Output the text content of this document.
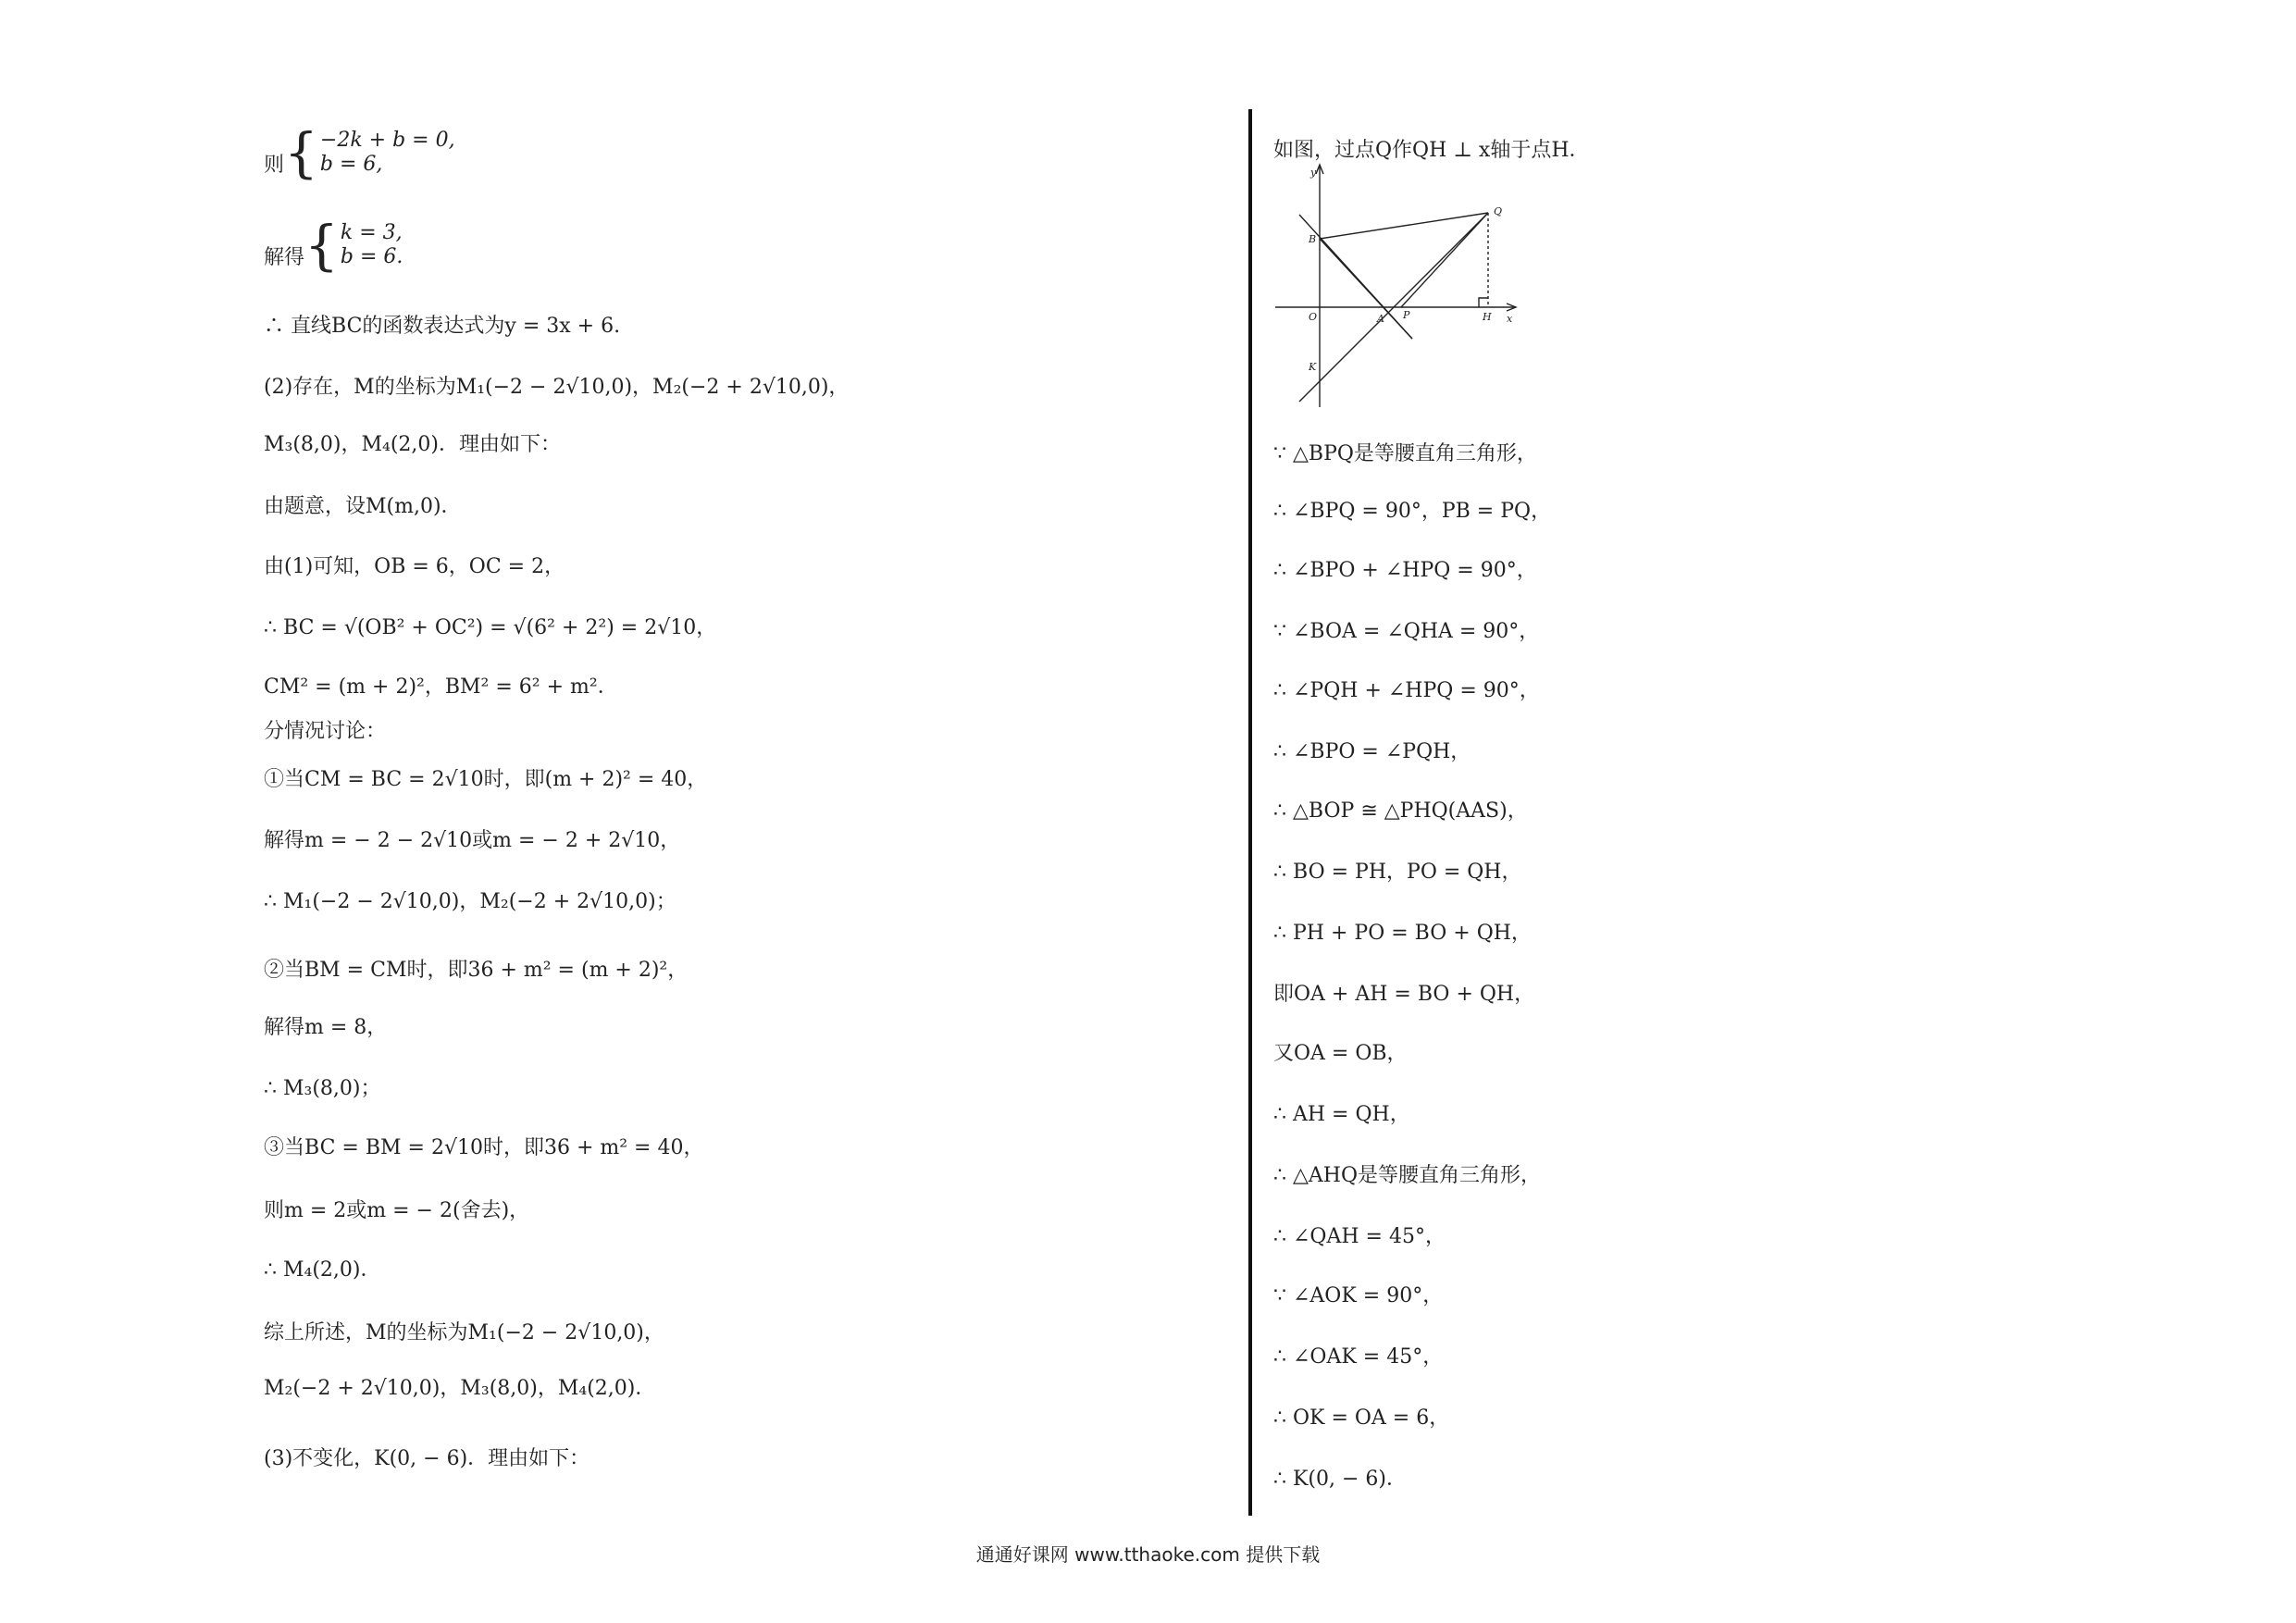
则{ −2k + b = 0,
b = 6,
解得{ k = 3,
b = 6.
∴ 直线BC的函数表达式为y = 3x + 6.
(2)存在，M的坐标为M₁(−2 − 2√10,0)，M₂(−2 + 2√10,0)，
M₃(8,0)，M₄(2,0)．理由如下：
由题意，设M(m,0)．
由(1)可知，OB = 6，OC = 2，
∴ BC = √(OB² + OC²) = √(6² + 2²) = 2√10，
CM² = (m + 2)²，BM² = 6² + m²．
分情况讨论：
①当CM = BC = 2√10时，即(m + 2)² = 40，
解得m = − 2 − 2√10或m = − 2 + 2√10，
∴ M₁(−2 − 2√10,0)，M₂(−2 + 2√10,0)；
②当BM = CM时，即36 + m² = (m + 2)²，
解得m = 8，
∴ M₃(8,0)；
③当BC = BM = 2√10时，即36 + m² = 40，
则m = 2或m = − 2(舍去)，
∴ M₄(2,0)．
综上所述，M的坐标为M₁(−2 − 2√10,0)，
M₂(−2 + 2√10,0)，M₃(8,0)，M₄(2,0)．
(3)不变化，K(0, − 6)．理由如下：
如图，过点Q作QH ⊥ x轴于点H．
∵ △BPQ是等腰直角三角形，
∴ ∠BPQ = 90°，PB = PQ，
∴ ∠BPO + ∠HPQ = 90°，
∵ ∠BOA = ∠QHA = 90°，
∴ ∠PQH + ∠HPQ = 90°，
∴ ∠BPO = ∠PQH，
∴ △BOP ≅ △PHQ(AAS)，
∴ BO = PH，PO = QH，
∴ PH + PO = BO + QH，
即OA + AH = BO + QH，
又OA = OB，
∴ AH = QH，
∴ △AHQ是等腰直角三角形，
∴ ∠QAH = 45°，
∵ ∠AOK = 90°，
∴ ∠OAK = 45°，
∴ OK = OA = 6，
∴ K(0, − 6)．
y
x
O
B
K
A P	H
Q
通通好课网 www.tthaoke.com 提供下载
